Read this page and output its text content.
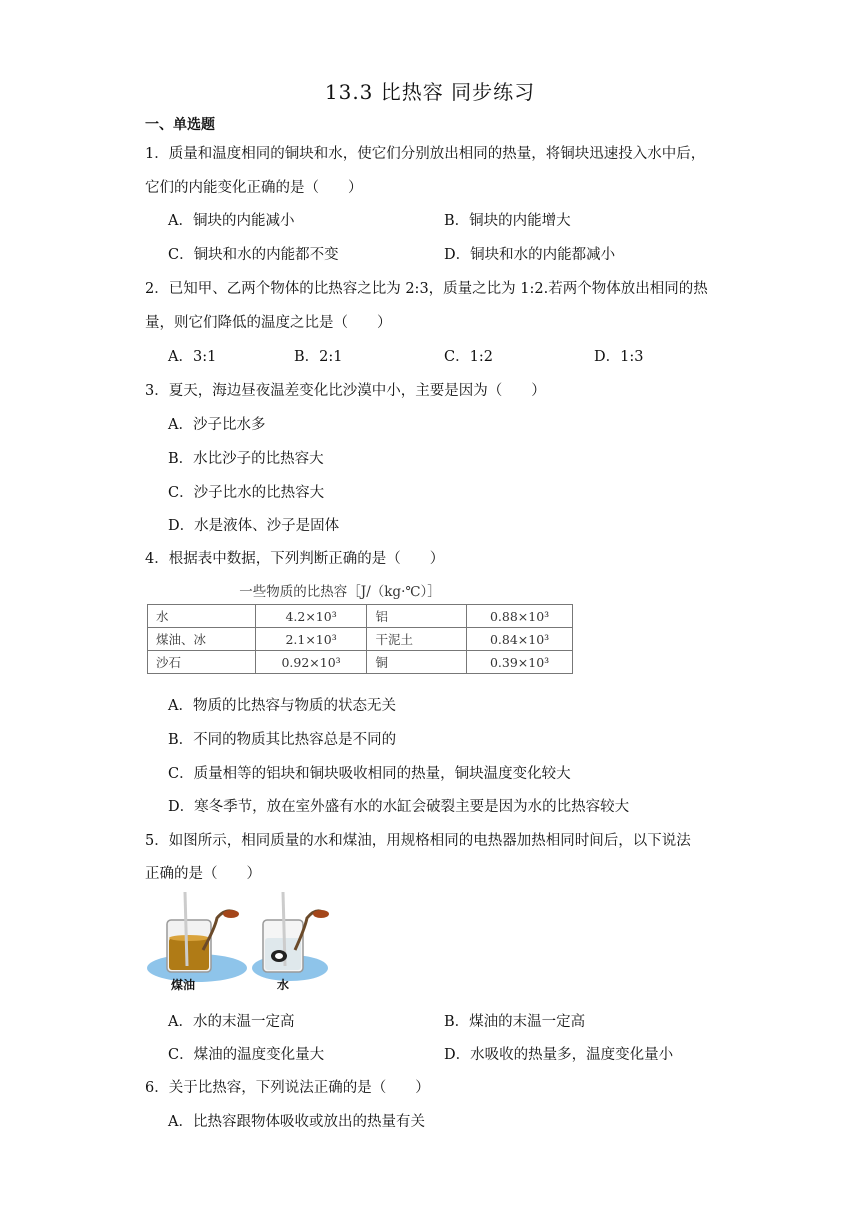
13.3 比热容 同步练习
一、单选题
1．质量和温度相同的铜块和水，使它们分别放出相同的热量，将铜块迅速投入水中后，
它们的内能变化正确的是（　　）
A．铜块的内能减小	B．铜块的内能增大
C．铜块和水的内能都不变	D．铜块和水的内能都减小
2．已知甲、乙两个物体的比热容之比为 2:3，质量之比为 1:2.若两个物体放出相同的热
量，则它们降低的温度之比是（　　）
A．3:1	B．2:1	C．1:2	D．1:3
3．夏天，海边昼夜温差变化比沙漠中小，主要是因为（　　）
A．沙子比水多
B．水比沙子的比热容大
C．沙子比水的比热容大
D．水是液体、沙子是固体
4．根据表中数据，下列判断正确的是（　　）
一些物质的比热容［J/（kg·℃）］
水	4.2×10³	铝	0.88×10³
煤油、冰	2.1×10³	干泥土	0.84×10³
沙石	0.92×10³	铜	0.39×10³
A．物质的比热容与物质的状态无关
B．不同的物质其比热容总是不同的
C．质量相等的铝块和铜块吸收相同的热量，铜块温度变化较大
D．寒冬季节，放在室外盛有水的水缸会破裂主要是因为水的比热容较大
5．如图所示，相同质量的水和煤油，用规格相同的电热器加热相同时间后，以下说法
正确的是（　　）
煤油	水
A．水的末温一定高	B．煤油的末温一定高
C．煤油的温度变化量大	D．水吸收的热量多，温度变化量小
6．关于比热容，下列说法正确的是（　　）
A．比热容跟物体吸收或放出的热量有关
